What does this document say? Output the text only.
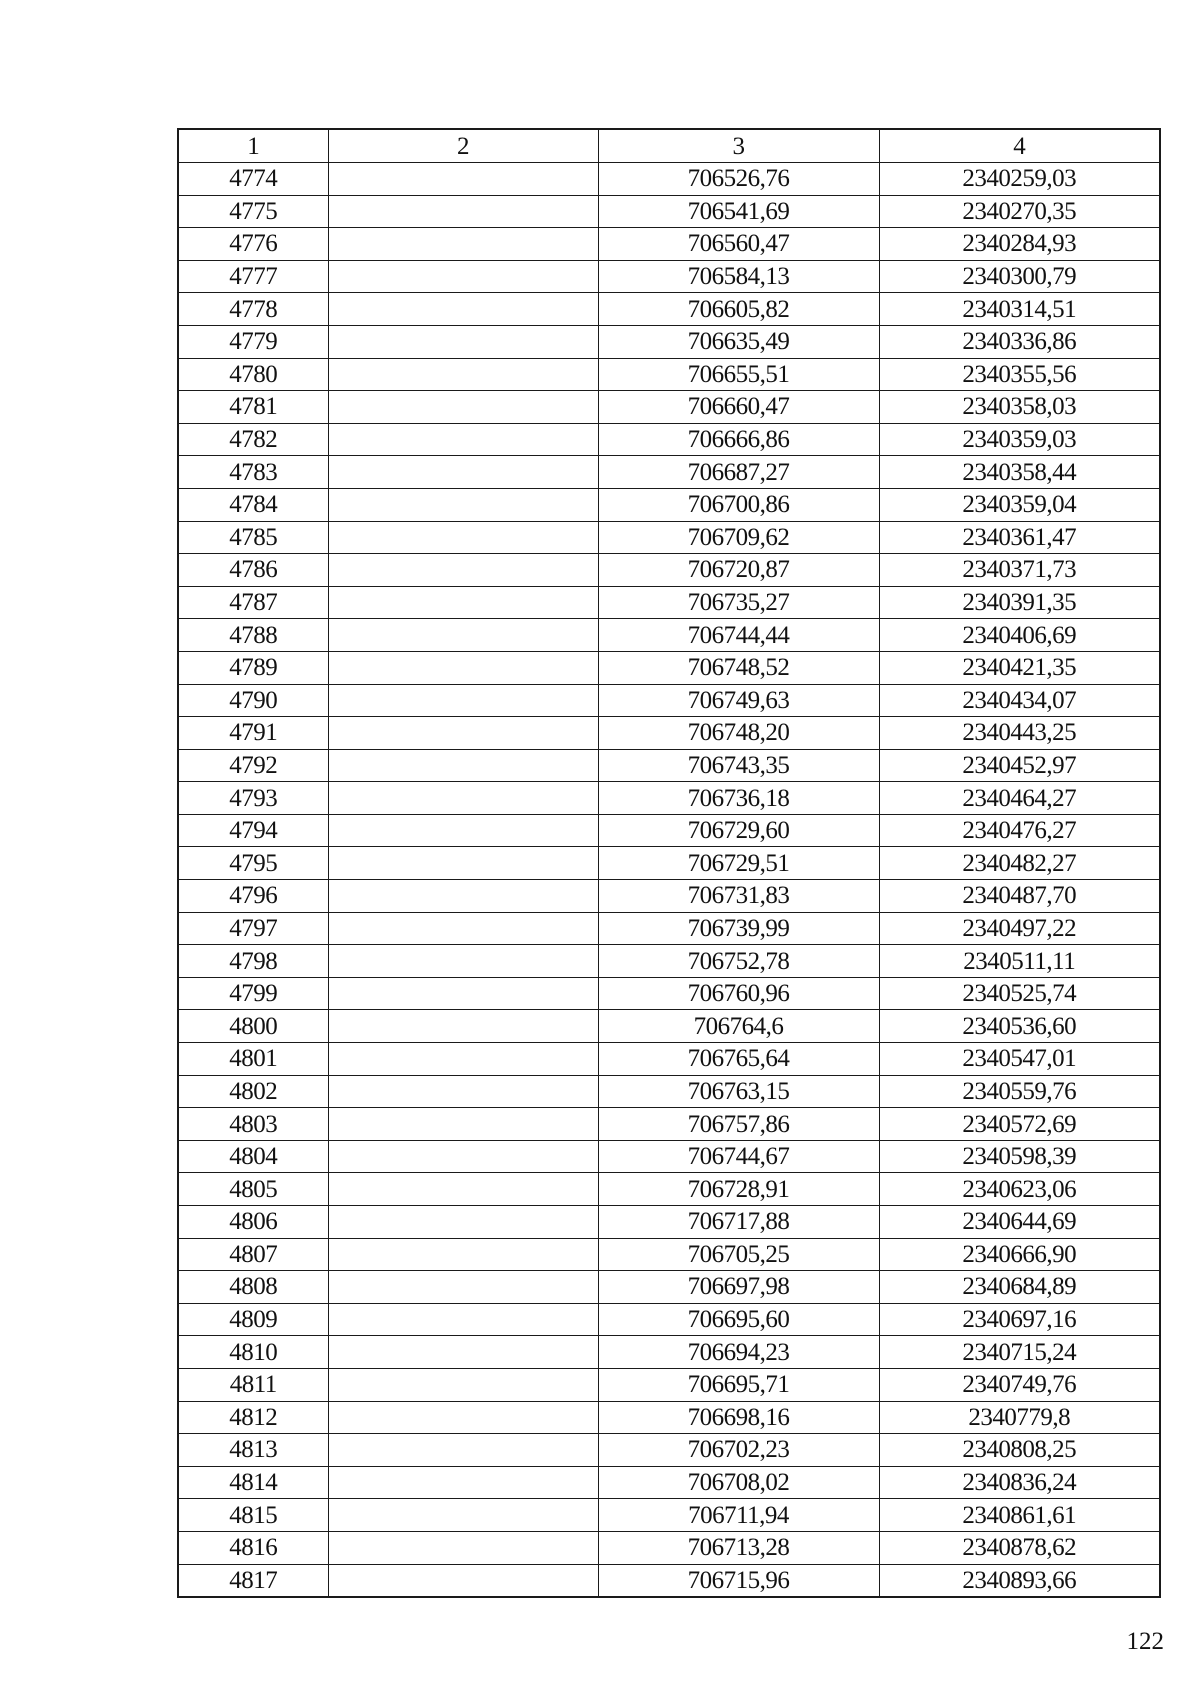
1	2	3	4
4774		706526,76	2340259,03
4775		706541,69	2340270,35
4776		706560,47	2340284,93
4777		706584,13	2340300,79
4778		706605,82	2340314,51
4779		706635,49	2340336,86
4780		706655,51	2340355,56
4781		706660,47	2340358,03
4782		706666,86	2340359,03
4783		706687,27	2340358,44
4784		706700,86	2340359,04
4785		706709,62	2340361,47
4786		706720,87	2340371,73
4787		706735,27	2340391,35
4788		706744,44	2340406,69
4789		706748,52	2340421,35
4790		706749,63	2340434,07
4791		706748,20	2340443,25
4792		706743,35	2340452,97
4793		706736,18	2340464,27
4794		706729,60	2340476,27
4795		706729,51	2340482,27
4796		706731,83	2340487,70
4797		706739,99	2340497,22
4798		706752,78	2340511,11
4799		706760,96	2340525,74
4800		706764,6	2340536,60
4801		706765,64	2340547,01
4802		706763,15	2340559,76
4803		706757,86	2340572,69
4804		706744,67	2340598,39
4805		706728,91	2340623,06
4806		706717,88	2340644,69
4807		706705,25	2340666,90
4808		706697,98	2340684,89
4809		706695,60	2340697,16
4810		706694,23	2340715,24
4811		706695,71	2340749,76
4812		706698,16	2340779,8
4813		706702,23	2340808,25
4814		706708,02	2340836,24
4815		706711,94	2340861,61
4816		706713,28	2340878,62
4817		706715,96	2340893,66
122
